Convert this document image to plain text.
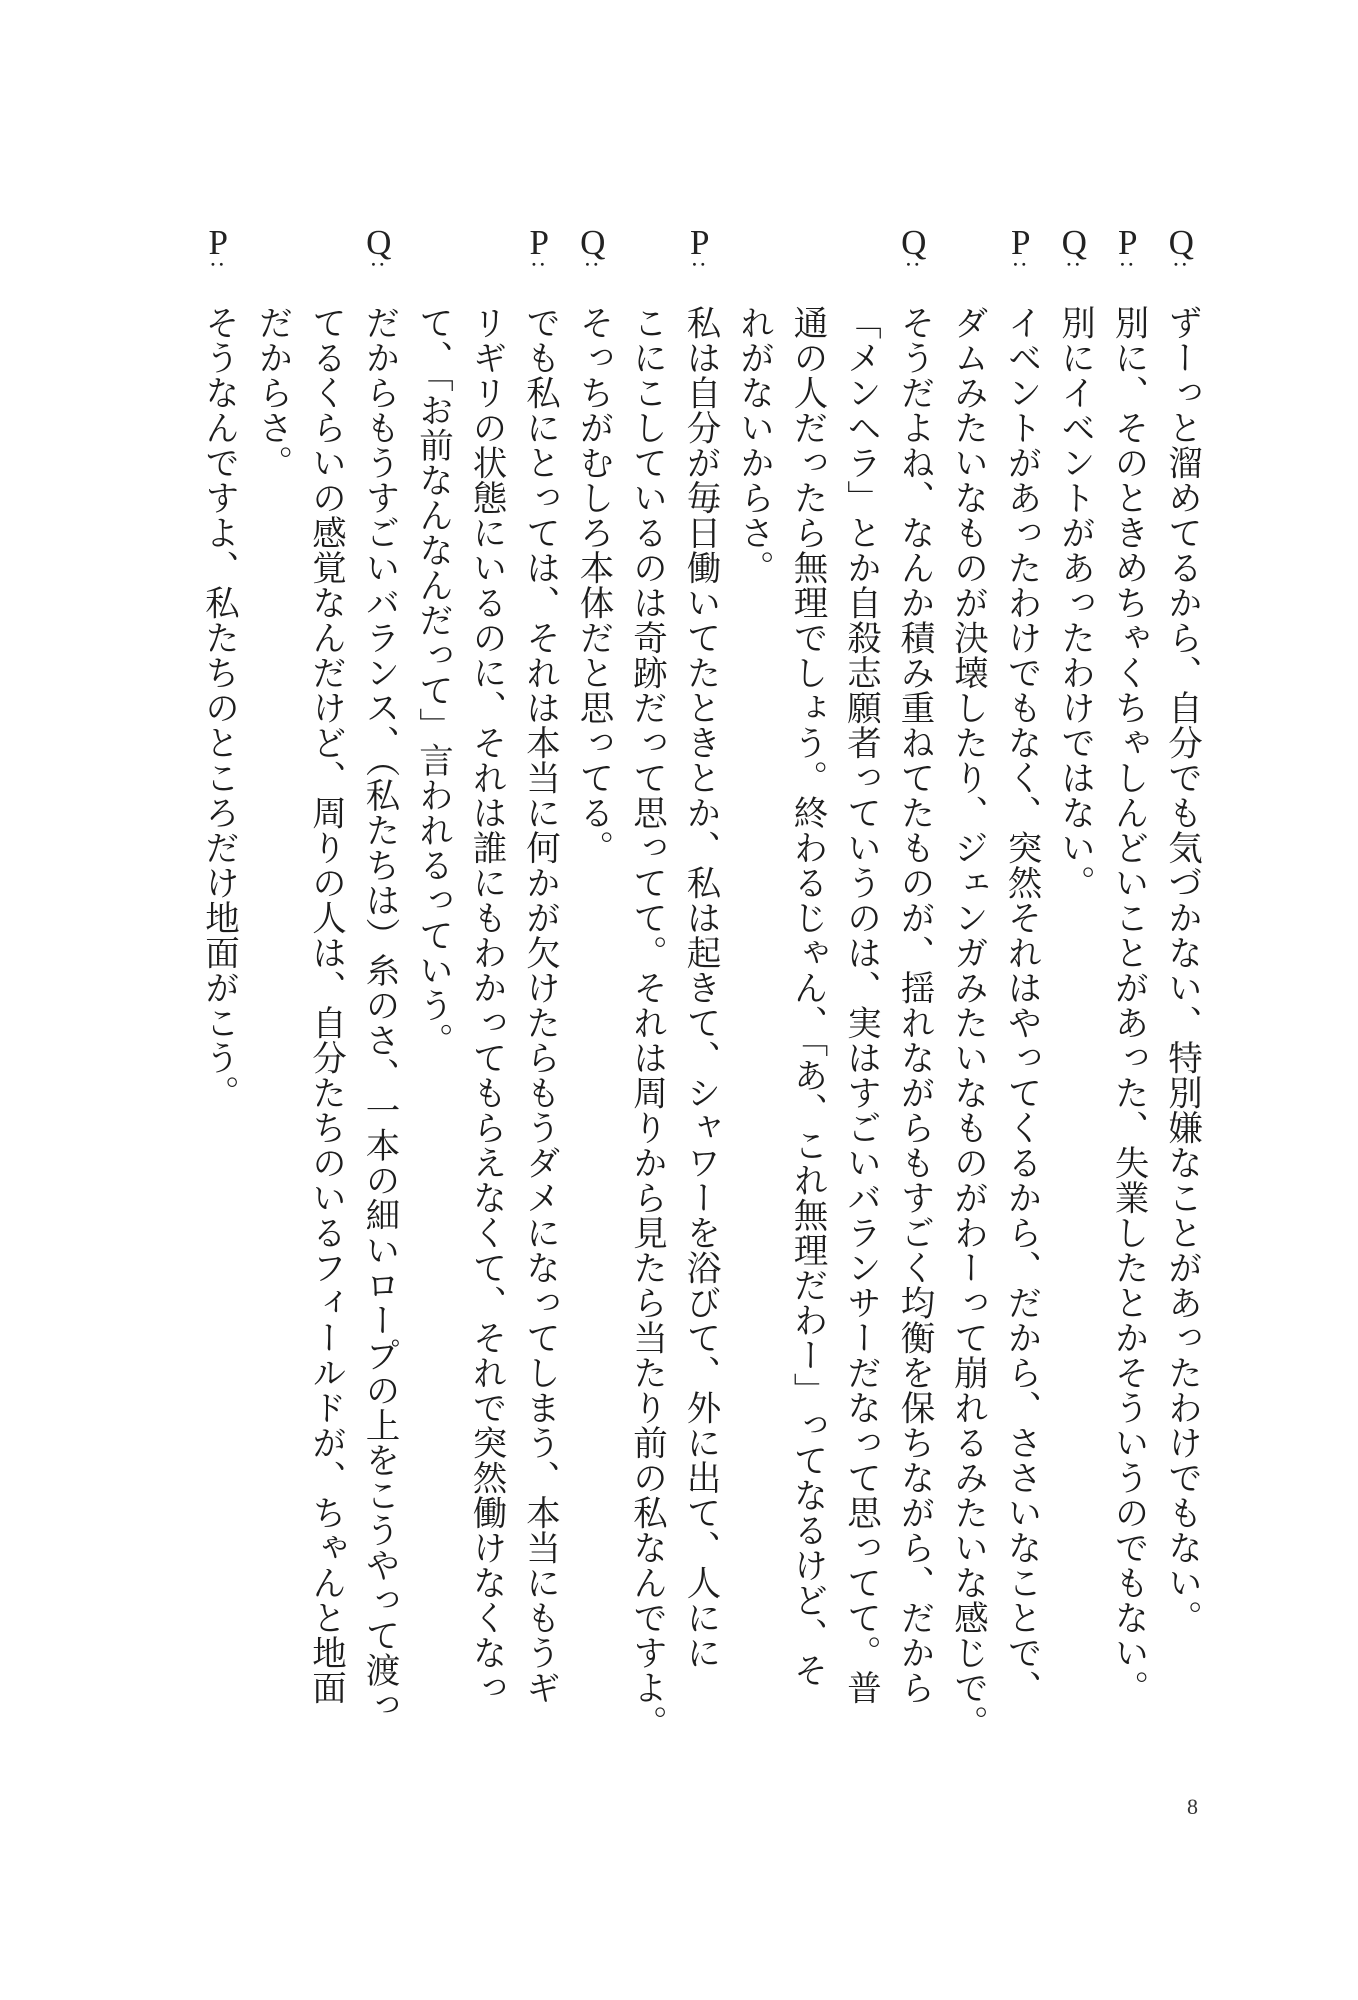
Q
:
ずーっと溜めてるから、自分でも気づかない、特別嫌なことがあったわけでもない。
P
:
別に、そのときめちゃくちゃしんどいことがあった、失業したとかそういうのでもない。
Q
:
別にイベントがあったわけではない。
P
:
イベントがあったわけでもなく、突然それはやってくるから、だから、ささいなことで、
ダムみたいなものが決壊したり、ジェンガみたいなものがわーって崩れるみたいな感じで。
Q
:
そうだよね、なんか積み重ねてたものが、揺れながらもすごく均衡を保ちながら、だから
「メンヘラ」とか自殺志願者っていうのは、実はすごいバランサーだなって思ってて。普
通の人だったら無理でしょう。終わるじゃん、「あ、これ無理だわー」ってなるけど、そ
れがないからさ。
P
:
私は自分が毎日働いてたときとか、私は起きて、シャワーを浴びて、外に出て、人にに
こにこしているのは奇跡だって思ってて。それは周りから見たら当たり前の私なんですよ。
Q
:
そっちがむしろ本体だと思ってる。
P
:
でも私にとっては、それは本当に何かが欠けたらもうダメになってしまう、本当にもうギ
リギリの状態にいるのに、それは誰にもわかってもらえなくて、それで突然働けなくなっ
て、「お前なんなんだって」言われるっていう。
Q
:
だからもうすごいバランス、（私たちは）糸のさ、一本の細いロープの上をこうやって渡っ
てるくらいの感覚なんだけど、周りの人は、自分たちのいるフィールドが、ちゃんと地面
だからさ。
P
:
そうなんですよ、私たちのところだけ地面がこう。
8
